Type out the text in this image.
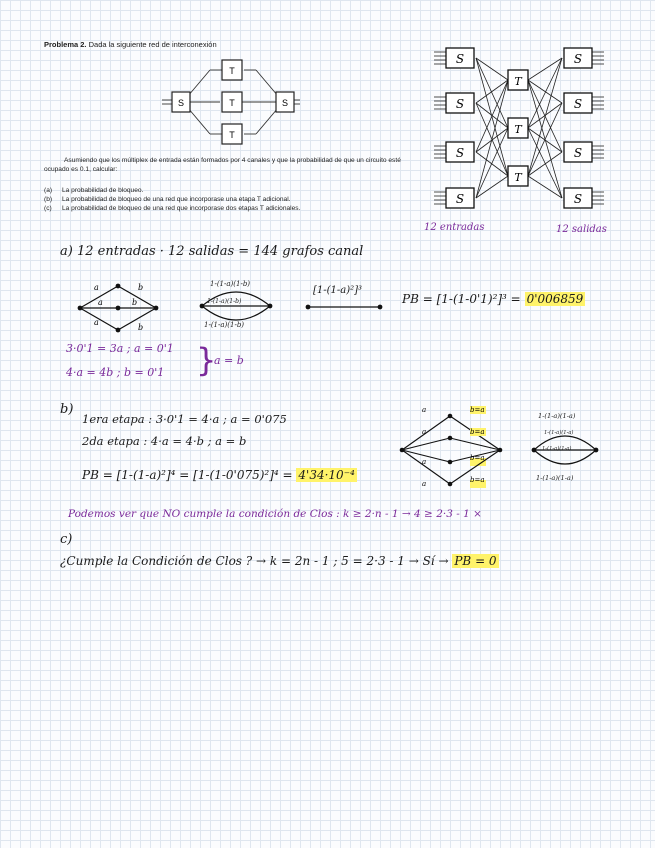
Problema 2. Dada la siguiente red de interconexión
S
T
T
T
S
Asumiendo que los múltiplex de entrada están formados por 4 canales y que la probabilidad de que un circuito esté
ocupado es 0.1, calcular:
(a) La probabilidad de bloqueo.
(b) La probabilidad de bloqueo de una red que incorporase una etapa T adicional.
(c) La probabilidad de bloqueo de una red que incorporase dos etapas T adicionales.
S	S
S	S
S	S
S	S
T
T
T
12 entradas	12 salidas
a) 12 entradas · 12 salidas = 144 grafos canal
a	b
a	b
a
b
1-(1-a)(1-b)
1-(1-a)(1-b)
1-(1-a)(1-b)
[1-(1-a)²]³
PB = [1-(1-0'1)²]³ = 0'006859
3·0'1 = 3a ; a = 0'1
4·a = 4b ; b = 0'1 }
a = b
b)
1era etapa : 3·0'1 = 4·a ; a = 0'075
2da etapa : 4·a = 4·b ; a = b
PB = [1-(1-a)²]⁴ = [1-(1-0'075)²]⁴ = 4'34·10⁻⁴
a	b=a
a	b=a
a	b=a
a	b=a
1-(1-a)(1-a)
1-(1-a)(1-a)
1-(1-a)(1-a)
1-(1-a)(1-a)
Podemos ver que NO cumple la condición de Clos : k ≥ 2·n - 1 → 4 ≥ 2·3 - 1 ×
c)
¿Cumple la Condición de Clos ? → k = 2n - 1 ; 5 = 2·3 - 1 → Sí → PB = 0
